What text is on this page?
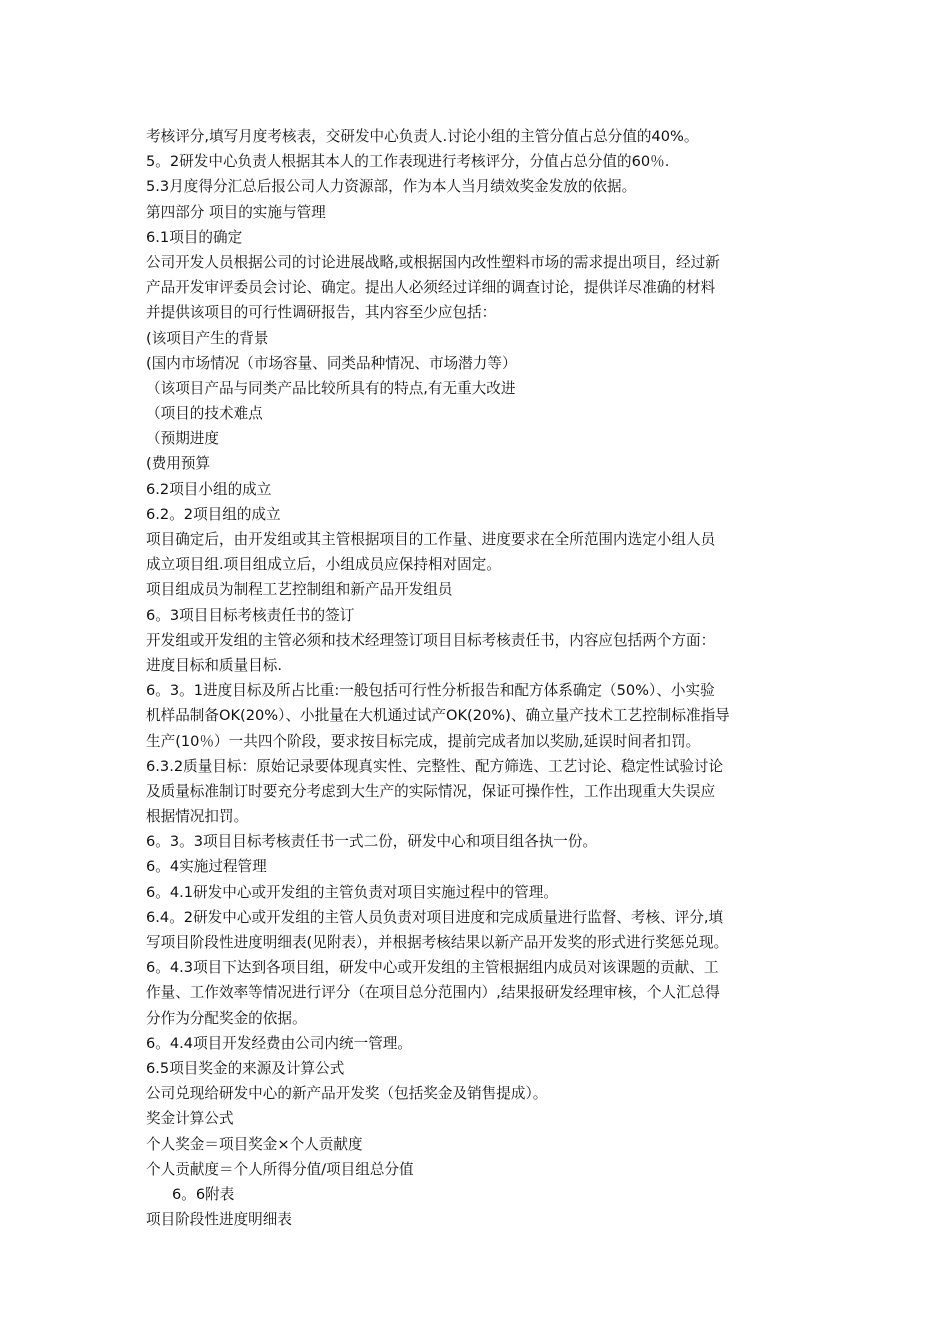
考核评分,填写月度考核表，交研发中心负责人.讨论小组的主管分值占总分值的40%。
5。2研发中心负责人根据其本人的工作表现进行考核评分，分值占总分值的60％.
5.3月度得分汇总后报公司人力资源部，作为本人当月绩效奖金发放的依据。
第四部分 项目的实施与管理
6.1项目的确定
公司开发人员根据公司的讨论进展战略,或根据国内改性塑料市场的需求提出项目，经过新
产品开发审评委员会讨论、确定。提出人必须经过详细的调查讨论，提供详尽准确的材料
并提供该项目的可行性调研报告，其内容至少应包括：
(该项目产生的背景
(国内市场情况（市场容量、同类品种情况、市场潜力等）
（该项目产品与同类产品比较所具有的特点,有无重大改进
（项目的技术难点
（预期进度
(费用预算
6.2项目小组的成立
6.2。2项目组的成立
项目确定后，由开发组或其主管根据项目的工作量、进度要求在全所范围内选定小组人员
成立项目组.项目组成立后，小组成员应保持相对固定。
项目组成员为制程工艺控制组和新产品开发组员
6。3项目目标考核责任书的签订
开发组或开发组的主管必须和技术经理签订项目目标考核责任书，内容应包括两个方面：
进度目标和质量目标.
6。3。1进度目标及所占比重:一般包括可行性分析报告和配方体系确定（50%）、小实验
机样品制备OK(20%）、小批量在大机通过试产OK(20%)、确立量产技术工艺控制标准指导
生产(10％）一共四个阶段，要求按目标完成，提前完成者加以奖励,延误时间者扣罚。
6.3.2质量目标：原始记录要体现真实性、完整性、配方筛选、工艺讨论、稳定性试验讨论
及质量标准制订时要充分考虑到大生产的实际情况，保证可操作性，工作出现重大失误应
根据情况扣罚。
6。3。3项目目标考核责任书一式二份，研发中心和项目组各执一份。
6。4实施过程管理
6。4.1研发中心或开发组的主管负责对项目实施过程中的管理。
6.4。2研发中心或开发组的主管人员负责对项目进度和完成质量进行监督、考核、评分,填
写项目阶段性进度明细表(见附表），并根据考核结果以新产品开发奖的形式进行奖惩兑现。
6。4.3项目下达到各项目组，研发中心或开发组的主管根据组内成员对该课题的贡献、工
作量、工作效率等情况进行评分（在项目总分范围内）,结果报研发经理审核，个人汇总得
分作为分配奖金的依据。
6。4.4项目开发经费由公司内统一管理。
6.5项目奖金的来源及计算公式
公司兑现给研发中心的新产品开发奖（包括奖金及销售提成）。
奖金计算公式
个人奖金＝项目奖金×个人贡献度
个人贡献度＝个人所得分值/项目组总分值
6。6附表
项目阶段性进度明细表
